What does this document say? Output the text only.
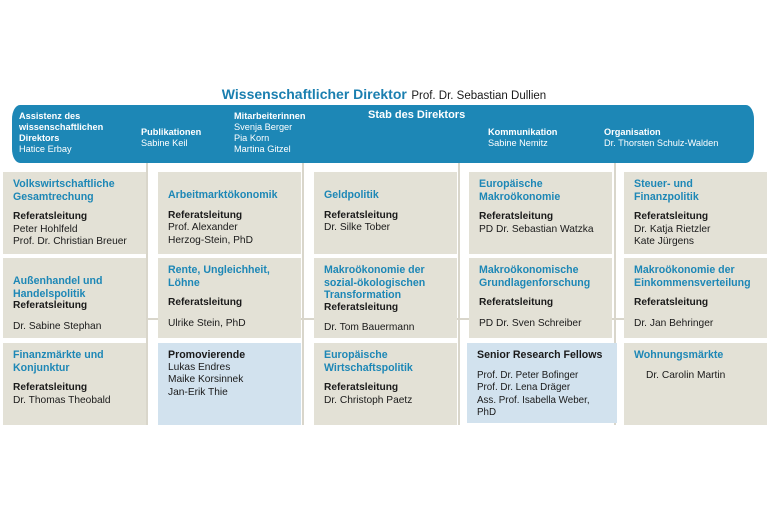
Wissenschaftlicher Direktor Prof. Dr. Sebastian Dullien
Stab des Direktors
Assistenz des
wissenschaftlichen
Direktors
Hatice Erbay
Publikationen
Sabine Keil
Mitarbeiterinnen
Svenja Berger
Pia Korn
Martina Gitzel
Kommunikation
Sabine Nemitz
Organisation
Dr. Thorsten Schulz-Walden
Volkswirtschaftliche
Gesamtrechung
Referatsleitung
Peter Hohlfeld
Prof. Dr. Christian Breuer
Arbeitmarktökonomik
Referatsleitung
Prof. Alexander
Herzog-Stein, PhD
Geldpolitik
Referatsleitung
Dr. Silke Tober
Europäische
Makroökonomie
Referatsleitung
PD Dr. Sebastian Watzka
Steuer- und
Finanzpolitik
Referatsleitung
Dr. Katja Rietzler
Kate Jürgens
Außenhandel und
Handelspolitik
Referatsleitung
Dr. Sabine Stephan
Rente, Ungleichheit,
Löhne
Referatsleitung
Ulrike Stein, PhD
Makroökonomie der
sozial-ökologischen
Transformation
Referatsleitung
Dr. Tom Bauermann
Makroökonomische
Grundlagenforschung
Referatsleitung
PD Dr. Sven Schreiber
Makroökonomie der
Einkommensverteilung
Referatsleitung
Dr. Jan Behringer
Finanzmärkte und
Konjunktur
Referatsleitung
Dr. Thomas Theobald
Promovierende
Lukas Endres
Maike Korsinnek
Jan-Erik Thie
Europäische
Wirtschaftspolitik
Referatsleitung
Dr. Christoph Paetz
Senior Research Fellows
Prof. Dr. Peter Bofinger
Prof. Dr. Lena Dräger
Ass. Prof. Isabella Weber, PhD
Wohnungsmärkte
Dr. Carolin Martin
